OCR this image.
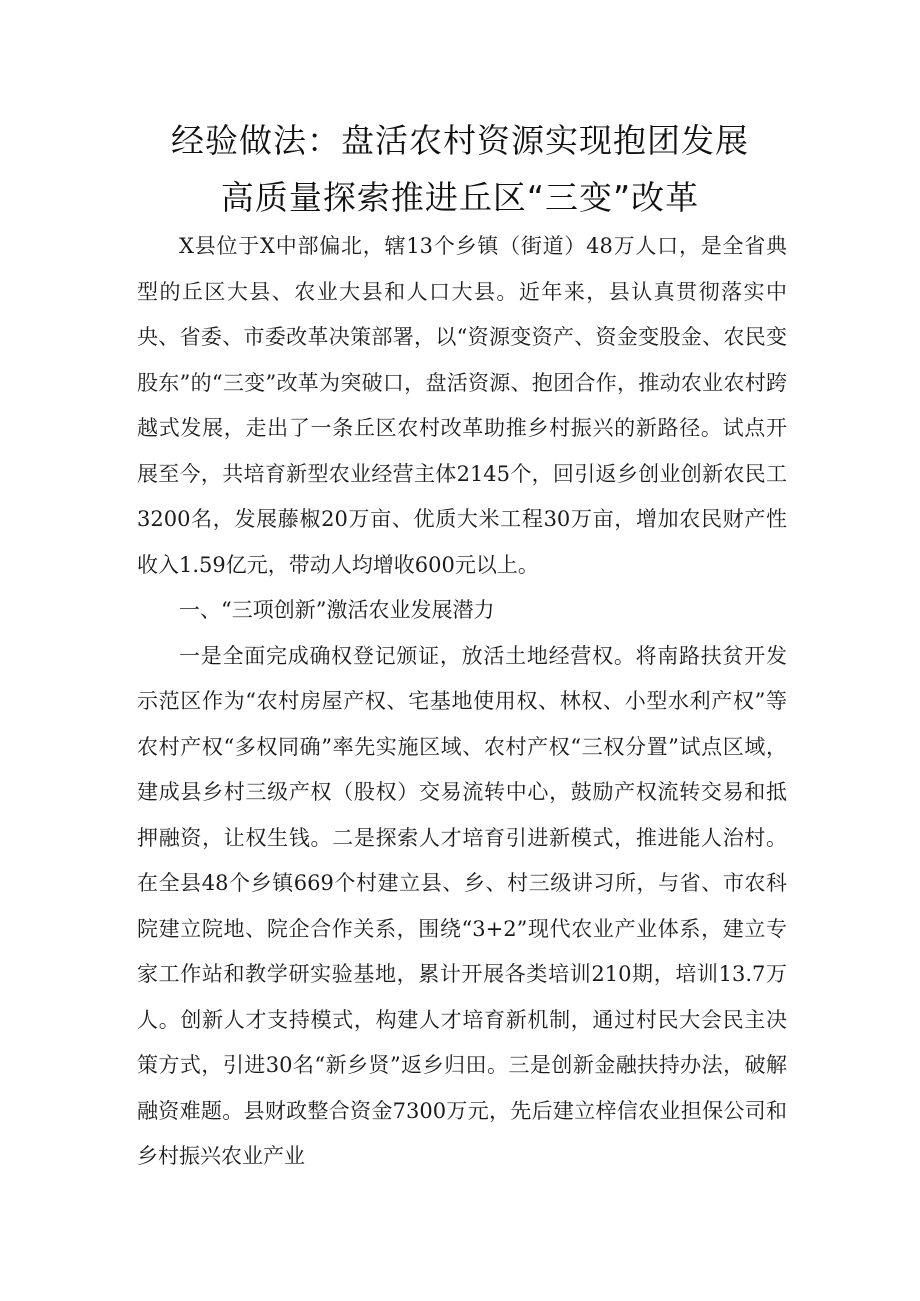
经验做法：盘活农村资源实现抱团发展
高质量探索推进丘区“三变”改革

X县位于X中部偏北，辖13个乡镇（街道）48万人口，是全省典型的丘区大县、农业大县和人口大县。近年来，县认真贯彻落实中央、省委、市委改革决策部署，以“资源变资产、资金变股金、农民变股东”的“三变”改革为突破口，盘活资源、抱团合作，推动农业农村跨越式发展，走出了一条丘区农村改革助推乡村振兴的新路径。试点开展至今，共培育新型农业经营主体2145个，回引返乡创业创新农民工3200名，发展藤椒20万亩、优质大米工程30万亩，增加农民财产性收入1.59亿元，带动人均增收600元以上。

一、“三项创新”激活农业发展潜力

一是全面完成确权登记颁证，放活土地经营权。将南路扶贫开发示范区作为“农村房屋产权、宅基地使用权、林权、小型水利产权”等农村产权“多权同确”率先实施区域、农村产权“三权分置”试点区域，建成县乡村三级产权（股权）交易流转中心，鼓励产权流转交易和抵押融资，让权生钱。二是探索人才培育引进新模式，推进能人治村。在全县48个乡镇669个村建立县、乡、村三级讲习所，与省、市农科院建立院地、院企合作关系，围绕“3+2”现代农业产业体系，建立专家工作站和教学研实验基地，累计开展各类培训210期，培训13.7万人。创新人才支持模式，构建人才培育新机制，通过村民大会民主决策方式，引进30名“新乡贤”返乡归田。三是创新金融扶持办法，破解融资难题。县财政整合资金7300万元，先后建立梓信农业担保公司和乡村振兴农业产业
